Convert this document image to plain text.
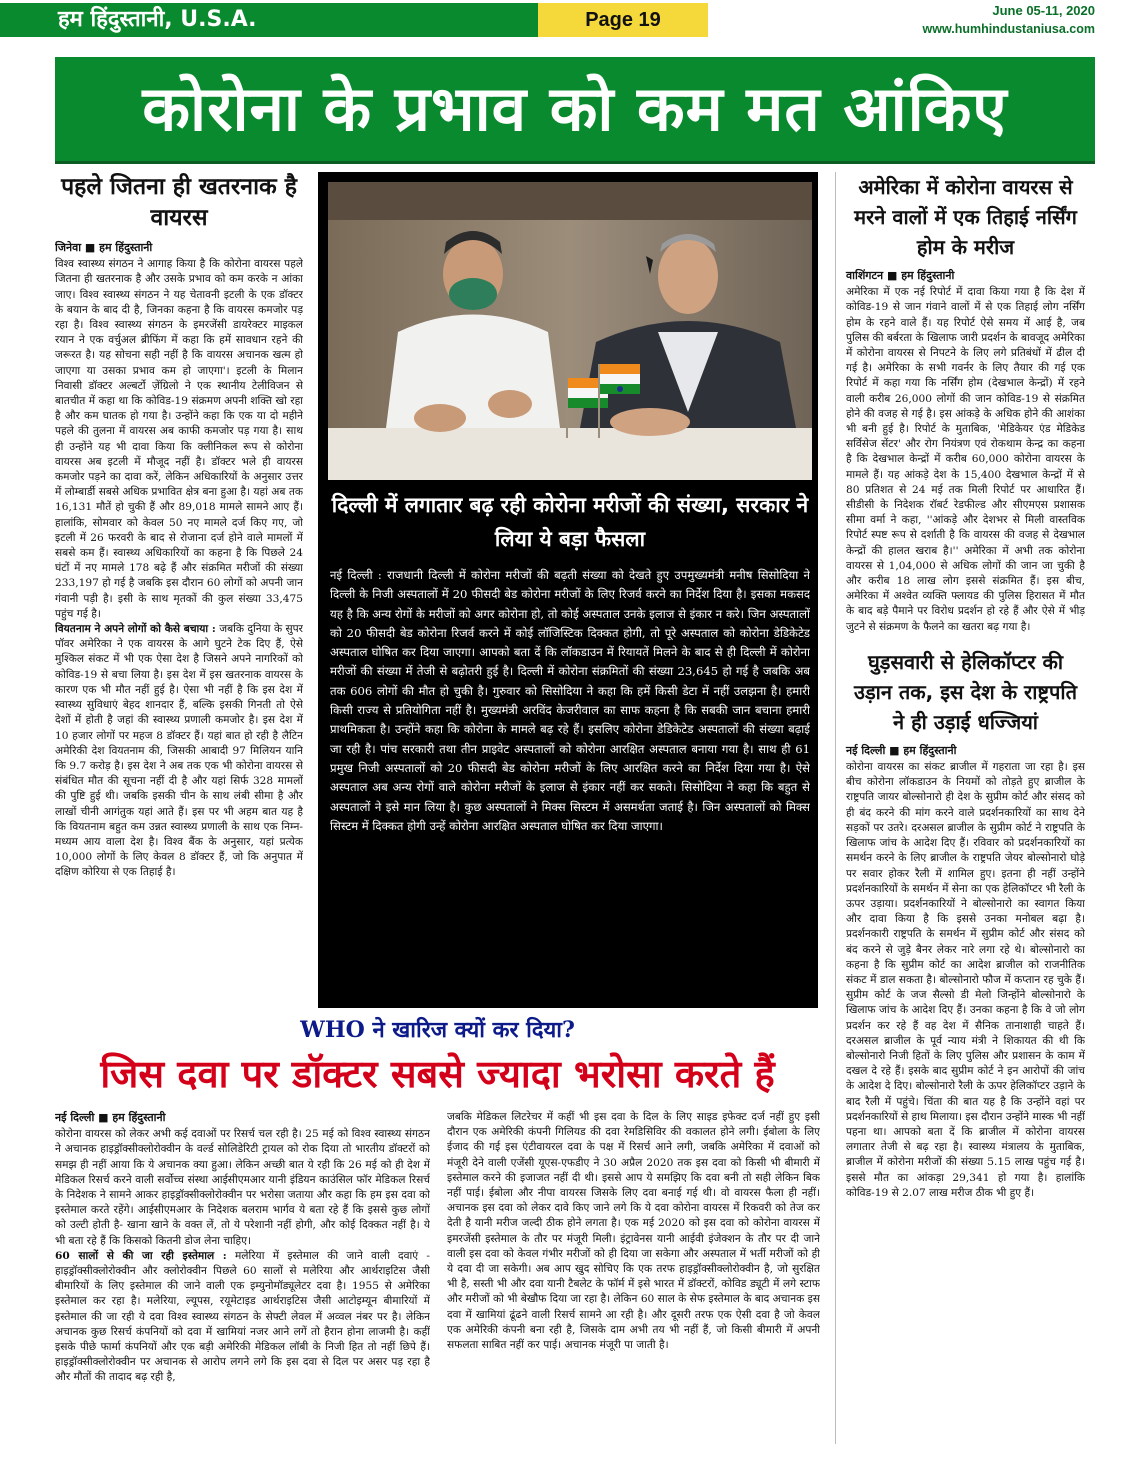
हम हिंदुस्तानी, U.S.A.	Page 19	June 05-11, 2020
www.humhindustaniusa.com
कोरोना के प्रभाव को कम मत आंकिए
पहले जितना ही खतरनाक है वायरस
जिनेवा ■ हम हिंदुस्तानी

विश्व स्वास्थ्य संगठन ने आगाह किया है कि कोरोना वायरस पहले जितना ही खतरनाक है और उसके प्रभाव को कम करके न आंका जाए। विश्व स्वास्थ्य संगठन ने यह चेतावनी इटली के एक डॉक्टर के बयान के बाद दी है, जिनका कहना है कि वायरस कमजोर पड़ रहा है। विश्व स्वास्थ्य संगठन के इमरजेंसी डायरेक्टर माइकल रयान ने एक वर्चुअल ब्रीफिंग में कहा कि हमें सावधान रहने की जरूरत है। यह सोचना सही नहीं है कि वायरस अचानक खत्म हो जाएगा या उसका प्रभाव कम हो जाएगा'। इटली के मिलान निवासी डॉक्टर अल्बर्टो ज़ेंग्रिलो ने एक स्थानीय टेलीविजन से बातचीत में कहा था कि कोविड-19 संक्रमण अपनी शक्ति खो रहा है और कम घातक हो गया है। उन्होंने कहा कि एक या दो महीने पहले की तुलना में वायरस अब काफी कमजोर पड़ गया है। साथ ही उन्होंने यह भी दावा किया कि क्लीनिकल रूप से कोरोना वायरस अब इटली में मौजूद नहीं है। डॉक्टर भले ही वायरस कमजोर पड़ने का दावा करें, लेकिन अधिकारियों के अनुसार उत्तर में लोम्बार्डी सबसे अधिक प्रभावित क्षेत्र बना हुआ है। यहां अब तक 16,131 मौतें हो चुकी हैं और 89,018 मामले सामने आए हैं। हालांकि, सोमवार को केवल 50 नए मामले दर्ज किए गए, जो इटली में 26 फरवरी के बाद से रोजाना दर्ज होने वाले मामलों में सबसे कम हैं। स्वास्थ्य अधिकारियों का कहना है कि पिछले 24 घंटों में नए मामले 178 बढ़े हैं और संक्रमित मरीजों की संख्या 233,197 हो गई है जबकि इस दौरान 60 लोगों को अपनी जान गंवानी पड़ी है। इसी के साथ मृतकों की कुल संख्या 33,475 पहुंच गई है।

वियतनाम ने अपने लोगों को कैसे बचाया : जबकि दुनिया के सुपर पॉवर अमेरिका ने एक वायरस के आगे घुटने टेक दिए हैं, ऐसे मुश्किल संकट में भी एक ऐसा देश है जिसने अपने नागरिकों को कोविड-19 से बचा लिया है। इस देश में इस खतरनाक वायरस के कारण एक भी मौत नहीं हुई है। ऐसा भी नहीं है कि इस देश में स्वास्थ्य सुविधाएं बेहद शानदार हैं, बल्कि इसकी गिनती तो ऐसे देशों में होती है जहां की स्वास्थ्य प्रणाली कमजोर है। इस देश में 10 हजार लोगों पर महज 8 डॉक्टर हैं। यहां बात हो रही है लैटिन अमेरिकी देश वियतनाम की, जिसकी आबादी 97 मिलियन यानि कि 9.7 करोड़ है। इस देश ने अब तक एक भी कोरोना वायरस से संबंधित मौत की सूचना नहीं दी है और यहां सिर्फ 328 मामलों की पुष्टि हुई थी। जबकि इसकी चीन के साथ लंबी सीमा है और लाखों चीनी आगंतुक यहां आते हैं। इस पर भी अहम बात यह है कि वियतनाम बहुत कम उन्नत स्वास्थ्य प्रणाली के साथ एक निम्न-मध्यम आय वाला देश है। विश्व बैंक के अनुसार, यहां प्रत्येक 10,000 लोगों के लिए केवल 8 डॉक्टर हैं, जो कि अनुपात में दक्षिण कोरिया से एक तिहाई है।

दिल्ली में लगातार बढ़ रही कोरोना मरीजों की संख्या, सरकार ने लिया ये बड़ा फैसला
नई दिल्ली : राजधानी दिल्ली में कोरोना मरीजों की बढ़ती संख्या को देखते हुए उपमुख्यमंत्री मनीष सिसोदिया ने दिल्ली के निजी अस्पतालों में 20 फीसदी बेड कोरोना मरीजों के लिए रिजर्व करने का निर्देश दिया है। इसका मकसद यह है कि अन्य रोगों के मरीजों को अगर कोरोना हो, तो कोई अस्पताल उनके इलाज से इंकार न करे। जिन अस्पतालों को 20 फीसदी बेड कोरोना रिजर्व करने में कोई लॉजिस्टिक दिक्कत होगी, तो पूरे अस्पताल को कोरोना डेडिकेटेड अस्पताल घोषित कर दिया जाएगा। आपको बता दें कि लॉकडाउन में रियायतें मिलने के बाद से ही दिल्ली में कोरोना मरीजों की संख्या में तेजी से बढ़ोतरी हुई है। दिल्ली में कोरोना संक्रमितों की संख्या 23,645 हो गई है जबकि अब तक 606 लोगों की मौत हो चुकी है। गुरुवार को सिसोदिया ने कहा कि हमें किसी डेटा में नहीं उलझना है। हमारी किसी राज्य से प्रतियोगिता नहीं है। मुख्यमंत्री अरविंद केजरीवाल का साफ कहना है कि सबकी जान बचाना हमारी प्राथमिकता है। उन्होंने कहा कि कोरोना के मामले बढ़ रहे हैं। इसलिए कोरोना डेडिकेटेड अस्पतालों की संख्या बढ़ाई जा रही है। पांच सरकारी तथा तीन प्राइवेट अस्पतालों को कोरोना आरक्षित अस्पताल बनाया गया है। साथ ही 61 प्रमुख निजी अस्पतालों को 20 फीसदी बेड कोरोना मरीजों के लिए आरक्षित करने का निर्देश दिया गया है। ऐसे अस्पताल अब अन्य रोगों वाले कोरोना मरीजों के इलाज से इंकार नहीं कर सकते। सिसोदिया ने कहा कि बहुत से अस्पतालों ने इसे मान लिया है। कुछ अस्पतालों ने मिक्स सिस्टम में असमर्थता जताई है। जिन अस्पतालों को मिक्स सिस्टम में दिक्कत होगी उन्हें कोरोना आरक्षित अस्पताल घोषित कर दिया जाएगा।
अमेरिका में कोरोना वायरस से मरने वालों में एक तिहाई नर्सिंग होम के मरीज
वाशिंगटन ■ हम हिंदुस्तानी

अमेरिका में एक नई रिपोर्ट में दावा किया गया है कि देश में कोविड-19 से जान गंवाने वालों में से एक तिहाई लोग नर्सिंग होम के रहने वाले हैं। यह रिपोर्ट ऐसे समय में आई है, जब पुलिस की बर्बरता के खिलाफ जारी प्रदर्शन के बावजूद अमेरिका में कोरोना वायरस से निपटने के लिए लगे प्रतिबंधों में ढील दी गई है। अमेरिका के सभी गवर्नर के लिए तैयार की गई एक रिपोर्ट में कहा गया कि नर्सिंग होम (देखभाल केन्द्रों) में रहने वाली करीब 26,000 लोगों की जान कोविड-19 से संक्रमित होने की वजह से गई है। इस आंकड़े के अधिक होने की आशंका भी बनी हुई है। रिपोर्ट के मुताबिक, 'मेडिकेयर एंड मेडिकेड सर्विसेज सेंटर' और रोग नियंत्रण एवं रोकथाम केन्द्र का कहना है कि देखभाल केन्द्रों में करीब 60,000 कोरोना वायरस के मामले हैं। यह आंकड़े देश के 15,400 देखभाल केन्द्रों में से 80 प्रतिशत से 24 मई तक मिली रिपोर्ट पर आधारित हैं। सीडीसी के निदेशक रॉबर्ट रेडफील्ड और सीएमएस प्रशासक सीमा वर्मा ने कहा, ''आंकड़े और देशभर से मिली वास्तविक रिपोर्ट स्पष्ट रूप से दर्शाती है कि वायरस की वजह से देखभाल केन्द्रों की हालत खराब है।'' अमेरिका में अभी तक कोरोना वायरस से 1,04,000 से अधिक लोगों की जान जा चुकी है और करीब 18 लाख लोग इससे संक्रमित हैं। इस बीच, अमेरिका में अश्वेत व्यक्ति फ्लायड की पुलिस हिरासत में मौत के बाद बड़े पैमाने पर विरोध प्रदर्शन हो रहे हैं और ऐसे में भीड़ जुटने से संक्रमण के फैलने का खतरा बढ़ गया है।

घुड़सवारी से हेलिकॉप्टर की उड़ान तक, इस देश के राष्ट्रपति ने ही उड़ाई धज्जियां
नई दिल्ली ■ हम हिंदुस्तानी

कोरोना वायरस का संकट ब्राजील में गहराता जा रहा है। इस बीच कोरोना लॉकडाउन के नियमों को तोड़ते हुए ब्राजील के राष्ट्रपति जायर बोल्सोनारो ही देश के सुप्रीम कोर्ट और संसद को ही बंद करने की मांग करने वाले प्रदर्शनकारियों का साथ देने सड़कों पर उतरे। दरअसल ब्राजील के सुप्रीम कोर्ट ने राष्ट्रपति के खिलाफ जांच के आदेश दिए हैं। रविवार को प्रदर्शनकारियों का समर्थन करने के लिए ब्राजील के राष्ट्रपति जेयर बोल्सोनारो घोड़े पर सवार होकर रैली में शामिल हुए। इतना ही नहीं उन्होंने प्रदर्शनकारियों के समर्थन में सेना का एक हेलिकॉप्टर भी रैली के ऊपर उड़ाया। प्रदर्शनकारियों ने बोल्सोनारो का स्वागत किया और दावा किया है कि इससे उनका मनोबल बढ़ा है। प्रदर्शनकारी राष्ट्रपति के समर्थन में सुप्रीम कोर्ट और संसद को बंद करने से जुड़े बैनर लेकर नारे लगा रहे थे। बोल्सोनारो का कहना है कि सुप्रीम कोर्ट का आदेश ब्राजील को राजनीतिक संकट में डाल सकता है। बोल्सोनारो फौज में कप्तान रह चुके हैं। सुप्रीम कोर्ट के जज सैल्सो डी मेलो जिन्होंने बोल्सोनारो के खिलाफ जांच के आदेश दिए हैं। उनका कहना है कि वे जो लोग प्रदर्शन कर रहे हैं वह देश में सैनिक तानाशाही चाहते हैं। दरअसल ब्राजील के पूर्व न्याय मंत्री ने शिकायत की थी कि बोल्सोनारो निजी हितों के लिए पुलिस और प्रशासन के काम में दखल दे रहे हैं। इसके बाद सुप्रीम कोर्ट ने इन आरोपों की जांच के आदेश दे दिए। बोल्सोनारो रैली के ऊपर हेलिकॉप्टर उड़ाने के बाद रैली में पहुंचे। चिंता की बात यह है कि उन्होंने वहां पर प्रदर्शनकारियों से हाथ मिलाया। इस दौरान उन्होंने मास्क भी नहीं पहना था। आपको बता दें कि ब्राजील में कोरोना वायरस लगातार तेजी से बढ़ रहा है। स्वास्थ्य मंत्रालय के मुताबिक, ब्राजील में कोरोना मरीजों की संख्या 5.15 लाख पहुंच गई है। इससे मौत का आंकड़ा 29,341 हो गया है। हालांकि कोविड-19 से 2.07 लाख मरीज ठीक भी हुए हैं।

WHO ने खारिज क्यों कर दिया?
जिस दवा पर डॉक्टर सबसे ज्यादा भरोसा करते हैं
नई दिल्ली ■ हम हिंदुस्तानी

कोरोना वायरस को लेकर अभी कई दवाओं पर रिसर्च चल रही है। 25 मई को विश्व स्वास्थ्य संगठन ने अचानक हाइड्रॉक्सीक्लोरोक्वीन के वर्ल्ड सोलिडेरिटी ट्रायल को रोक दिया तो भारतीय डॉक्टरों को समझ ही नहीं आया कि ये अचानक क्या हुआ। लेकिन अच्छी बात ये रही कि 26 मई को ही देश में मेडिकल रिसर्च करने वाली सर्वोच्च संस्था आईसीएमआर यानी इंडियन काउंसिल फॉर मेडिकल रिसर्च के निदेशक ने सामने आकर हाइड्रॉक्सीक्लोरोक्वीन पर भरोसा जताया और कहा कि हम इस दवा को इस्तेमाल करते रहेंगे। आईसीएमआर के निदेशक बलराम भार्गव ये बता रहे हैं कि इससे कुछ लोगों को उल्टी होती है- खाना खाने के वक्त लें, तो ये परेशानी नहीं होगी, और कोई दिक्कत नहीं है। ये भी बता रहे हैं कि किसको कितनी डोज लेना चाहिए।

60 सालों से की जा रही इस्तेमाल : मलेरिया में इस्तेमाल की जाने वाली दवाएं - हाइड्रॉक्सीक्लोरोक्वीन और क्लोरोक्वीन पिछले 60 सालों से मलेरिया और आर्थराइटिस जैसी बीमारियों के लिए इस्तेमाल की जाने वाली एक इम्युनोमॉड्यूलेटर दवा है। 1955 से अमेरिका इस्तेमाल कर रहा है। मलेरिया, ल्यूपस, रयूमेटाइड आर्थराइटिस जैसी आटोइम्यून बीमारियों में इस्तेमाल की जा रही ये दवा विश्व स्वास्थ्य संगठन के सेफ्टी लेवल में अव्वल नंबर पर है। लेकिन अचानक कुछ रिसर्च कंपनियों को दवा में खामियां नजर आने लगें तो हैरान होना लाजमी है। कहीं इसके पीछे फार्मा कंपनियों और एक बड़ी अमेरिकी मेडिकल लॉबी के निजी हित तो नहीं छिपे हैं। हाइड्रॉक्सीक्लोरोक्वीन पर अचानक से आरोप लगने लगे कि इस दवा से दिल पर असर पड़ रहा है और मौतों की तादाद बढ़ रही है,

जबकि मेडिकल लिटरेचर में कहीं भी इस दवा के दिल के लिए साइड इफेक्ट दर्ज नहीं हुए इसी दौरान एक अमेरिकी कंपनी गिलियड की दवा रेमडिसिविर की वकालत होने लगी। ईबोला के लिए ईजाद की गई इस एंटीवायरल दवा के पक्ष में रिसर्च आने लगी, जबकि अमेरिका में दवाओं को मंजूरी देने वाली एजेंसी यूएस-एफडीए ने 30 अप्रैल 2020 तक इस दवा को किसी भी बीमारी में इस्तेमाल करने की इजाजत नहीं दी थी। इससे आप ये समझिए कि दवा बनी तो सही लेकिन बिक नहीं पाई। ईबोला और नीपा वायरस जिसके लिए दवा बनाई गई थी। वो वायरस फैला ही नहीं। अचानक इस दवा को लेकर दावे किए जाने लगे कि ये दवा कोरोना वायरस में रिकवरी को तेज कर देती है यानी मरीज जल्दी ठीक होने लगता है। एक मई 2020 को इस दवा को कोरोना वायरस में इमरजेंसी इस्तेमाल के तौर पर मंजूरी मिली। इंट्रावेनस यानी आईवी इंजेक्शन के तौर पर दी जाने वाली इस दवा को केवल गंभीर मरीजों को ही दिया जा सकेगा और अस्पताल में भर्ती मरीजों को ही ये दवा दी जा सकेगी। अब आप खुद सोचिए कि एक तरफ हाइड्रॉक्सीक्लोरोक्वीन है, जो सुरक्षित भी है, सस्ती भी और दवा यानी टैबलेट के फॉर्म में इसे भारत में डॉक्टरों, कोविड ड्यूटी में लगे स्टाफ और मरीजों को भी बेखौफ दिया जा रहा है। लेकिन 60 साल के सेफ इस्तेमाल के बाद अचानक इस दवा में खामियां ढूंढने वाली रिसर्च सामने आ रही है। और दूसरी तरफ एक ऐसी दवा है जो केवल एक अमेरिकी कंपनी बना रही है, जिसके दाम अभी तय भी नहीं हैं, जो किसी बीमारी में अपनी सफलता साबित नहीं कर पाई। अचानक मंजूरी पा जाती है।
